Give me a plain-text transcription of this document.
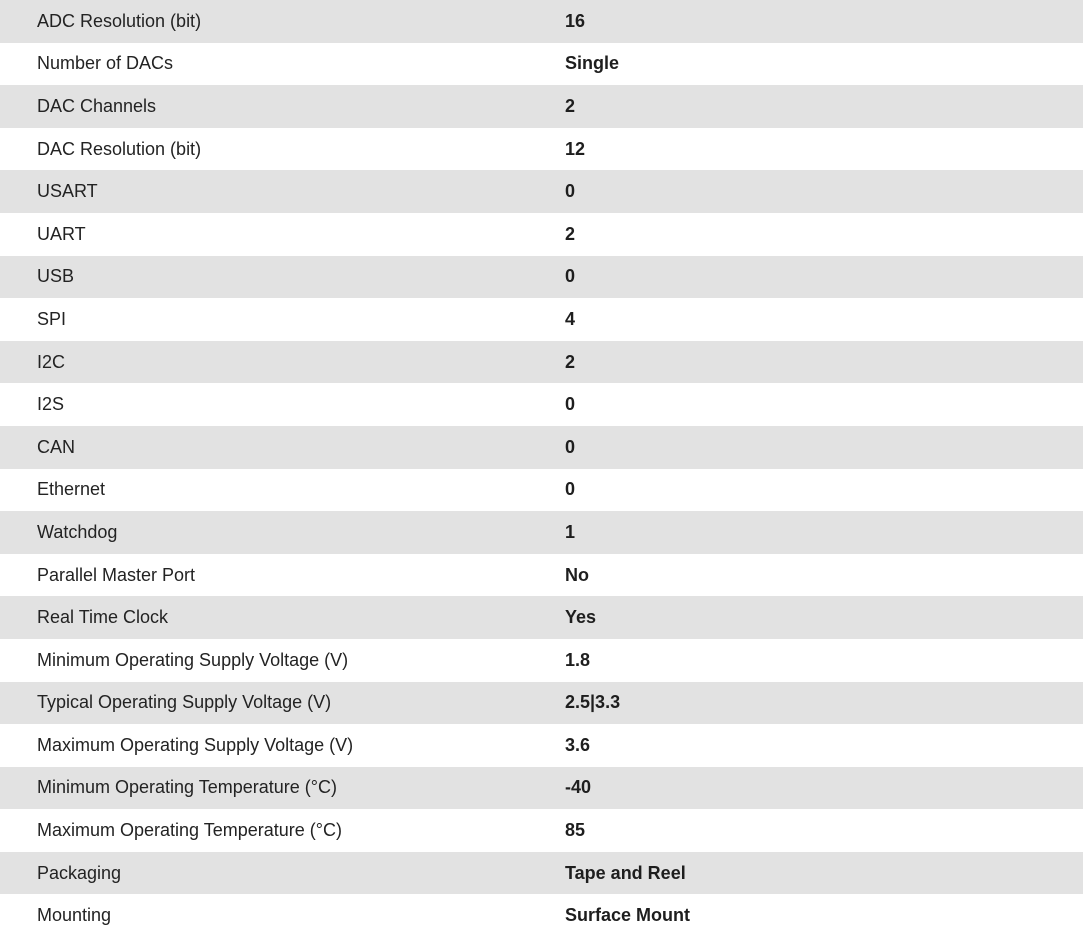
ADC Resolution (bit)	16
Number of DACs	Single
DAC Channels	2
DAC Resolution (bit)	12
USART	0
UART	2
USB	0
SPI	4
I2C	2
I2S	0
CAN	0
Ethernet	0
Watchdog	1
Parallel Master Port	No
Real Time Clock	Yes
Minimum Operating Supply Voltage (V)	1.8
Typical Operating Supply Voltage (V)	2.5|3.3
Maximum Operating Supply Voltage (V)	3.6
Minimum Operating Temperature (°C)	-40
Maximum Operating Temperature (°C)	85
Packaging	Tape and Reel
Mounting	Surface Mount
